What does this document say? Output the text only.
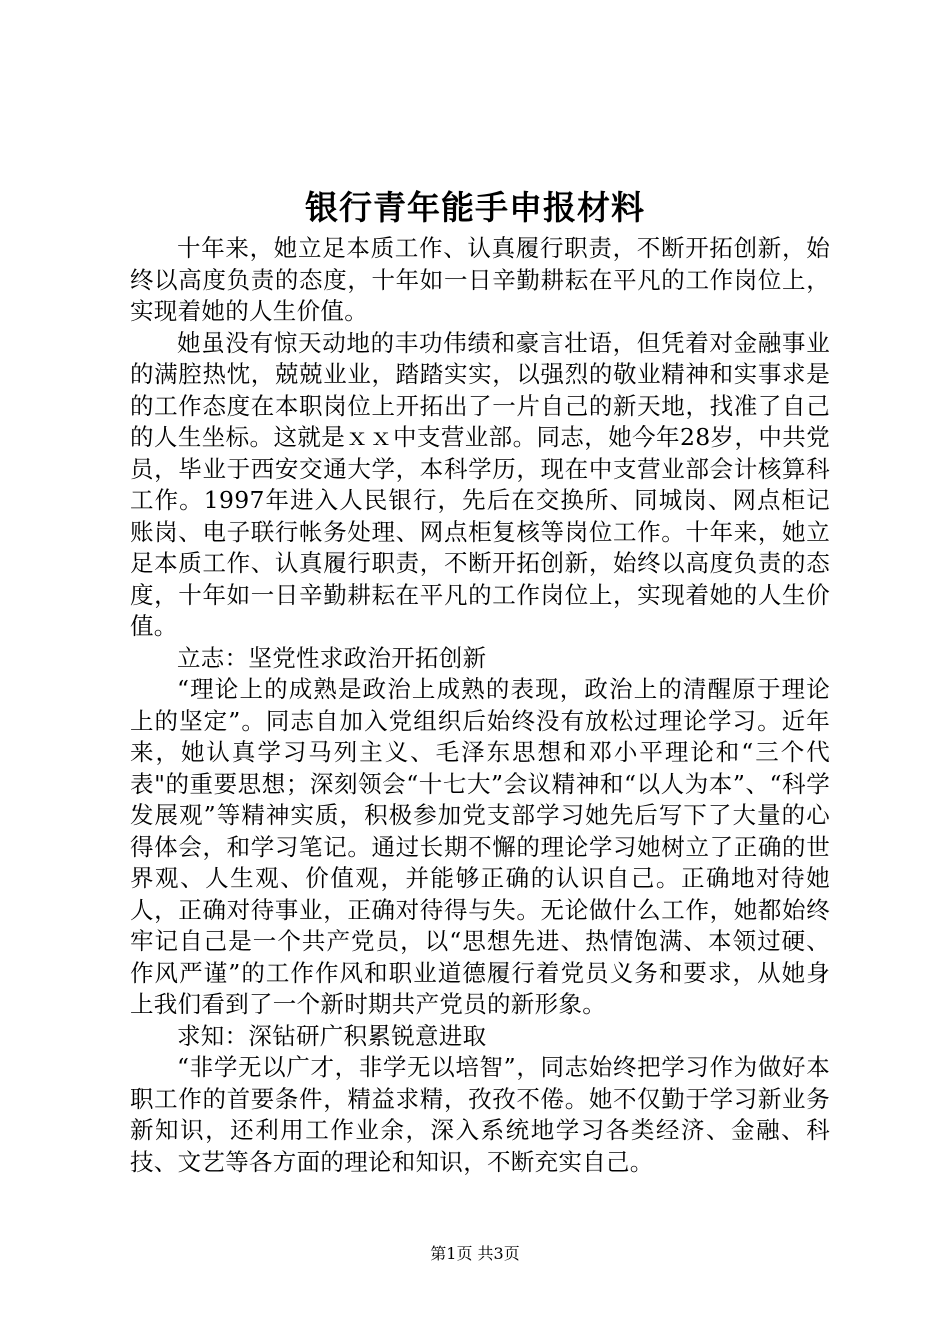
银行青年能手申报材料

十年来，她立足本质工作、认真履行职责，不断开拓创新，始终以高度负责的态度，十年如一日辛勤耕耘在平凡的工作岗位上，实现着她的人生价值。

她虽没有惊天动地的丰功伟绩和豪言壮语，但凭着对金融事业的满腔热忱，兢兢业业，踏踏实实，以强烈的敬业精神和实事求是的工作态度在本职岗位上开拓出了一片自己的新天地，找准了自己的人生坐标。这就是ｘｘ中支营业部。同志，她今年28岁，中共党员，毕业于西安交通大学，本科学历，现在中支营业部会计核算科工作。1997年进入人民银行，先后在交换所、同城岗、网点柜记账岗、电子联行帐务处理、网点柜复核等岗位工作。十年来，她立足本质工作、认真履行职责，不断开拓创新，始终以高度负责的态度，十年如一日辛勤耕耘在平凡的工作岗位上，实现着她的人生价值。

立志：坚党性求政治开拓创新

“理论上的成熟是政治上成熟的表现，政治上的清醒原于理论上的坚定”。同志自加入党组织后始终没有放松过理论学习。近年来，她认真学习马列主义、毛泽东思想和邓小平理论和“三个代表"的重要思想；深刻领会“十七大”会议精神和“以人为本”、“科学发展观”等精神实质，积极参加党支部学习她先后写下了大量的心得体会，和学习笔记。通过长期不懈的理论学习她树立了正确的世界观、人生观、价值观，并能够正确的认识自己。正确地对待她人，正确对待事业，正确对待得与失。无论做什么工作，她都始终牢记自己是一个共产党员，以“思想先进、热情饱满、本领过硬、作风严谨”的工作作风和职业道德履行着党员义务和要求，从她身上我们看到了一个新时期共产党员的新形象。

求知：深钻研广积累锐意进取

“非学无以广才，非学无以培智”，同志始终把学习作为做好本职工作的首要条件，精益求精，孜孜不倦。她不仅勤于学习新业务新知识，还利用工作业余，深入系统地学习各类经济、金融、科技、文艺等各方面的理论和知识，不断充实自己。

第1页 共3页
